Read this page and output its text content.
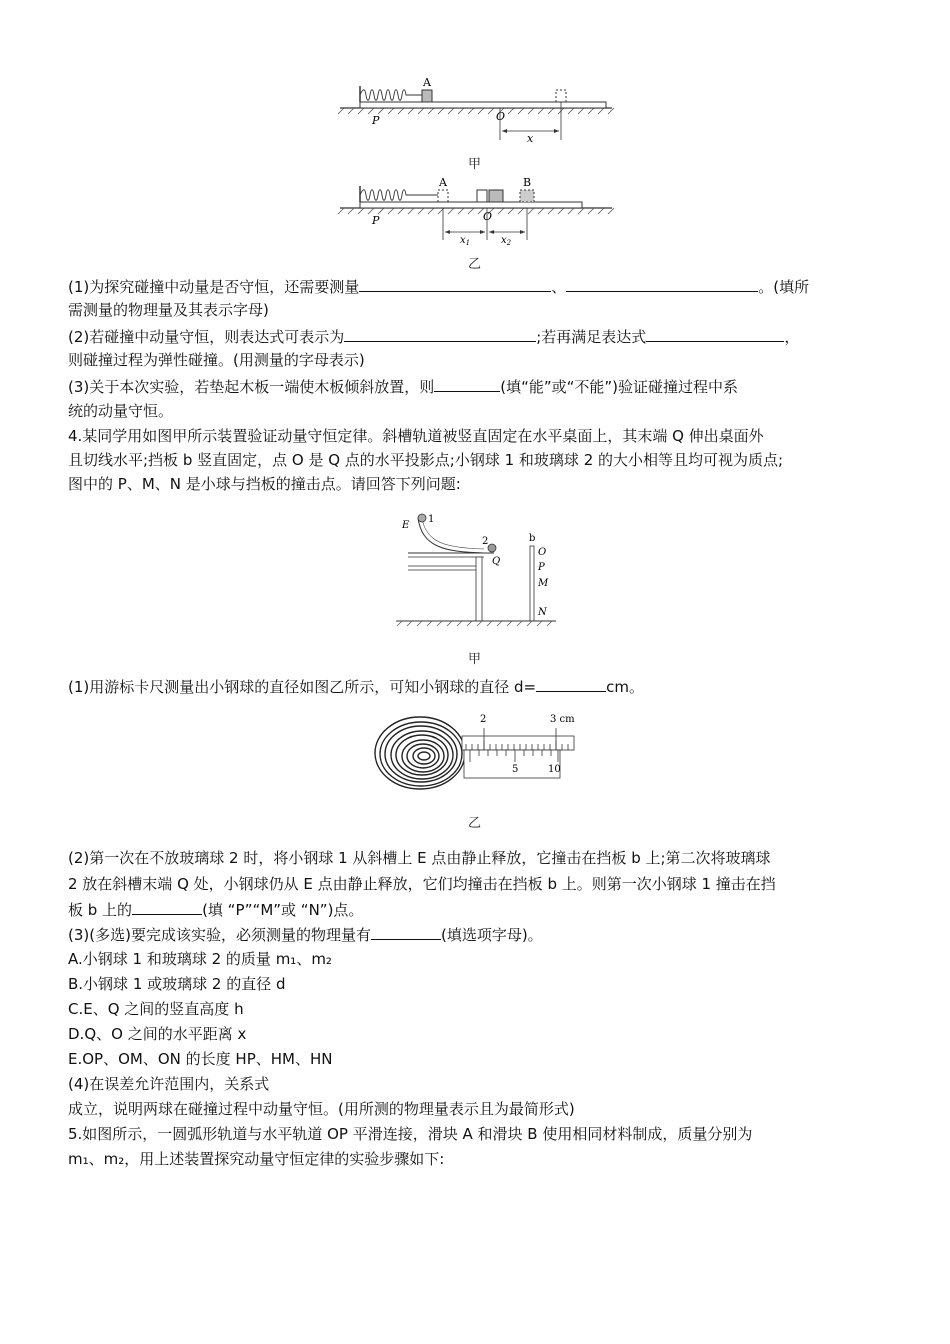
A
P	O
x
甲
A	B
P	O
$x_1$	$x_2$
乙
(1)为探究碰撞中动量是否守恒，还需要测量	、	。(填所
需测量的物理量及其表示字母)
(2)若碰撞中动量守恒，则表达式可表示为	;若再满足表达式	，
则碰撞过程为弹性碰撞。(用测量的字母表示)
(3)关于本次实验，若垫起木板一端使木板倾斜放置，则	(填“能”或“不能”)验证碰撞过程中系
统的动量守恒。
4.某同学用如图甲所示装置验证动量守恒定律。斜槽轨道被竖直固定在水平桌面上，其末端 Q 伸出桌面外
且切线水平;挡板 b 竖直固定，点 O 是 Q 点的水平投影点;小钢球 1 和玻璃球 2 的大小相等且均可视为质点;
图中的 P、M、N 是小球与挡板的撞击点。请回答下列问题:
1
E
2
Q
b
O
P
M
N
甲
(1)用游标卡尺测量出小钢球的直径如图乙所示，可知小钢球的直径 d=	cm。
2	3 cm
5	10
乙
(2)第一次在不放玻璃球 2 时，将小钢球 1 从斜槽上 E 点由静止释放，它撞击在挡板 b 上;第二次将玻璃球
2 放在斜槽末端 Q 处，小钢球仍从 E 点由静止释放，它们均撞击在挡板 b 上。则第一次小钢球 1 撞击在挡
板 b 上的	(填 “P”“M”或 “N”)点。
(3)(多选)要完成该实验，必须测量的物理量有	(填选项字母)。
A.小钢球 1 和玻璃球 2 的质量 m₁、m₂
B.小钢球 1 或玻璃球 2 的直径 d
C.E、Q 之间的竖直高度 h
D.Q、O 之间的水平距离 x
E.OP、OM、ON 的长度 HP、HM、HN
(4)在误差允许范围内，关系式
成立，说明两球在碰撞过程中动量守恒。(用所测的物理量表示且为最简形式)
5.如图所示，一圆弧形轨道与水平轨道 OP 平滑连接，滑块 A 和滑块 B 使用相同材料制成，质量分别为
m₁、m₂，用上述装置探究动量守恒定律的实验步骤如下:
